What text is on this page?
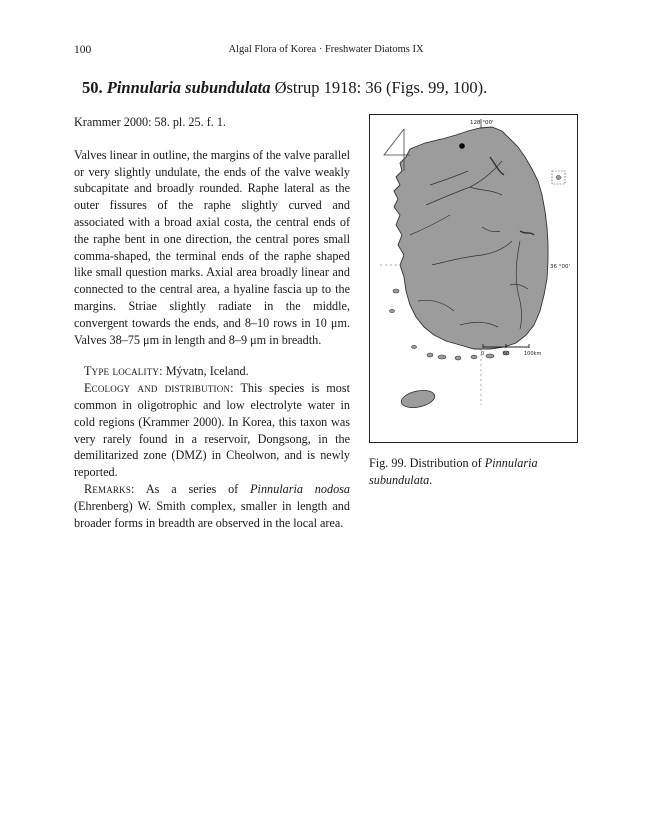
100	Algal Flora of Korea · Freshwater Diatoms IX
50. Pinnularia subundulata Østrup 1918: 36 (Figs. 99, 100).

Krammer 2000: 58. pl. 25. f. 1.

Valves linear in outline, the margins of the valve parallel or very slightly undulate, the ends of the valve weakly subcapitate and broadly rounded. Raphe lateral as the outer fissures of the raphe slightly curved and associated with a broad axial costa, the central ends of the raphe bent in one direction, the central pores small comma-shaped, the terminal ends of the raphe shaped like small question marks. Axial area broadly linear and connected to the central area, a hyaline fascia up to the margins. Striae slightly radiate in the middle, convergent towards the ends, and 8–10 rows in 10 μm. Valves 38–75 μm in length and 8–9 μm in breadth.

Type locality: Mývatn, Iceland.

Ecology and distribution: This species is most common in oligotrophic and low electrolyte water in cold regions (Krammer 2000). In Korea, this taxon was very rarely found in a reservoir, Dongsong, in the demilitarized zone (DMZ) in Cheolwon, and is newly reported.

Remarks: As a series of Pinnularia nodosa (Ehrenberg) W. Smith complex, smaller in length and broader forms in breadth are observed in the local area.

128 °00'
36 °00'
0	50	100km
Fig. 99. Distribution of Pinnularia subundulata.
